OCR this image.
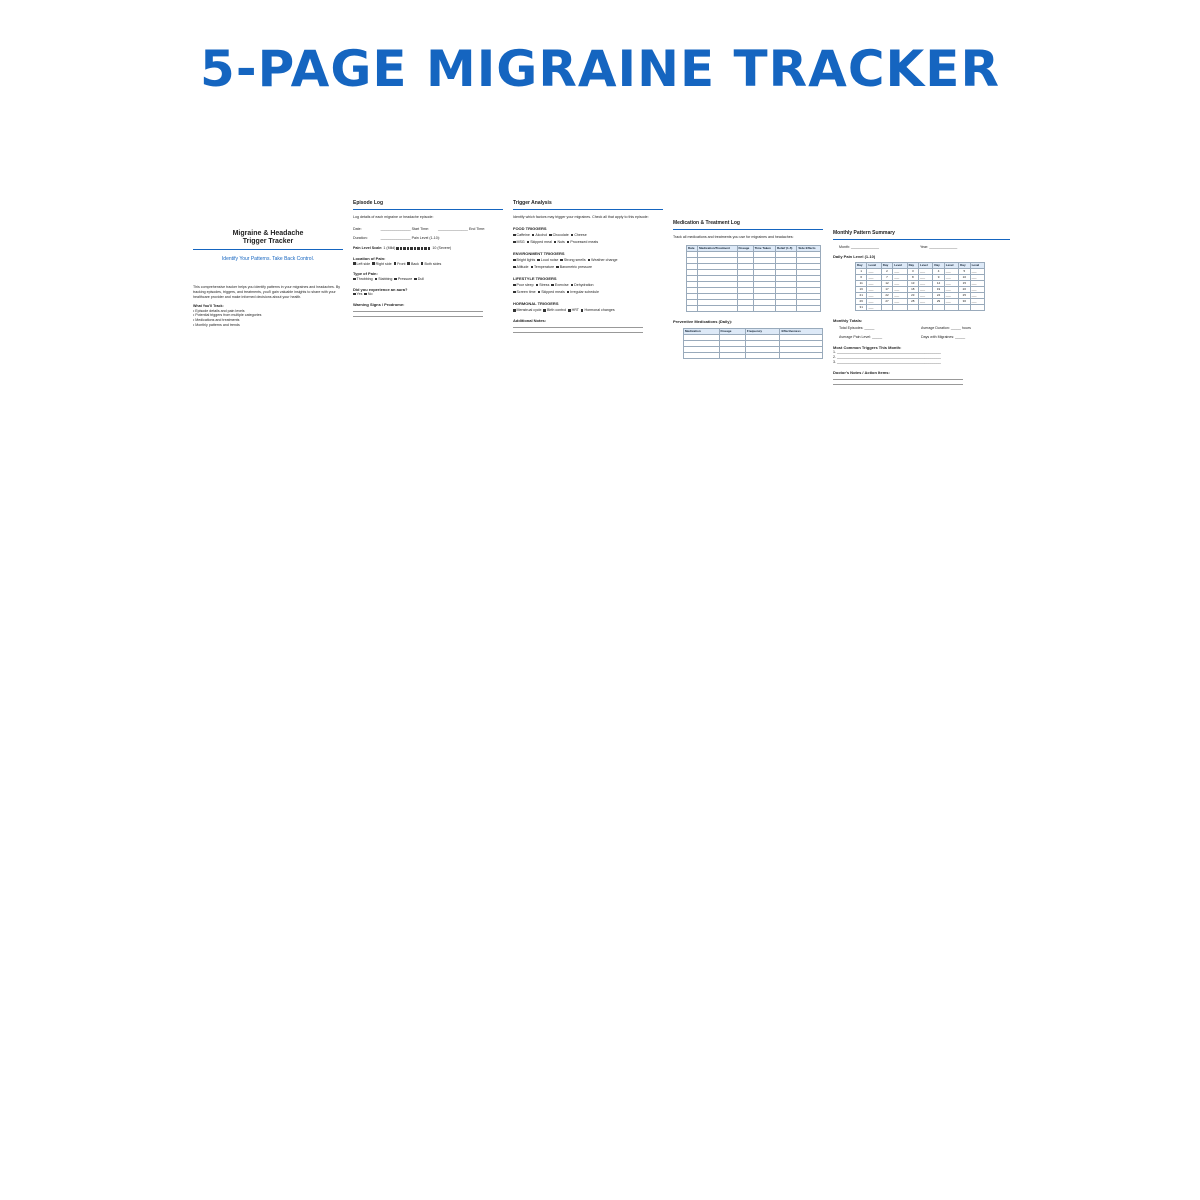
5-PAGE MIGRAINE TRACKER
Migraine & Headache
Trigger Tracker
Identify Your Patterns. Take Back Control.
This comprehensive tracker helps you identify patterns in your migraines and headaches. By tracking episodes, triggers, and treatments, you'll gain valuable insights to share with your healthcare provider and make informed decisions about your health.
What You'll Track:
• Episode details and pain levels
• Potential triggers from multiple categories
• Medications and treatments
• Monthly patterns and trends
Episode Log
Log details of each migraine or headache episode:
Date:	_______________ Start Time:	_______________ End Time:
Duration:	_______________ Pain Level (1-10):
Pain Level Scale: 1 (Mild)	10 (Severe)
Location of Pain:
Left side Right side Front Back Both sides
Type of Pain:
Throbbing Stabbing Pressure Dull
Did you experience an aura?
Yes No
Warning Signs / Prodrome:
Trigger Analysis
Identify which factors may trigger your migraines. Check all that apply to this episode:
FOOD TRIGGERS
Caffeine Alcohol Chocolate Cheese
MSG Skipped meal Nuts Processed meats
ENVIRONMENT TRIGGERS
Bright lights Loud noise Strong smells Weather change
Altitude Temperature Barometric pressure
LIFESTYLE TRIGGERS
Poor sleep Stress Exercise Dehydration
Screen time Skipped meals Irregular schedule
HORMONAL TRIGGERS
Menstrual cycle Birth control HRT Hormonal changes
Additional Notes:
Medication & Treatment Log
Track all medications and treatments you use for migraines and headaches:
Date	Medication/Treatment	Dosage	Time Taken	Relief (1-5)	Side Effects

Preventive Medications (Daily):
Medication	Dosage	Frequency	Effectiveness

Monthly Pattern Summary
Month: ______________	Year: ______________
Daily Pain Level (1-10)
Day	Level	Day	Level	Day	Level	Day	Level	Day	Level
1	___	2	___	3	___	4	___	5	___
6	___	7	___	8	___	9	___	10	___
11	___	12	___	13	___	14	___	15	___
16	___	17	___	18	___	19	___	20	___
21	___	22	___	23	___	24	___	25	___
26	___	27	___	28	___	29	___	30	___
31	___								
Monthly Totals:
Total Episodes: _____	Average Duration: _____ hours
Average Pain Level: _____	Days with Migraines: _____
Most Common Triggers This Month:
1. ____________________________________________________
2. ____________________________________________________
3. ____________________________________________________
Doctor's Notes / Action Items:
